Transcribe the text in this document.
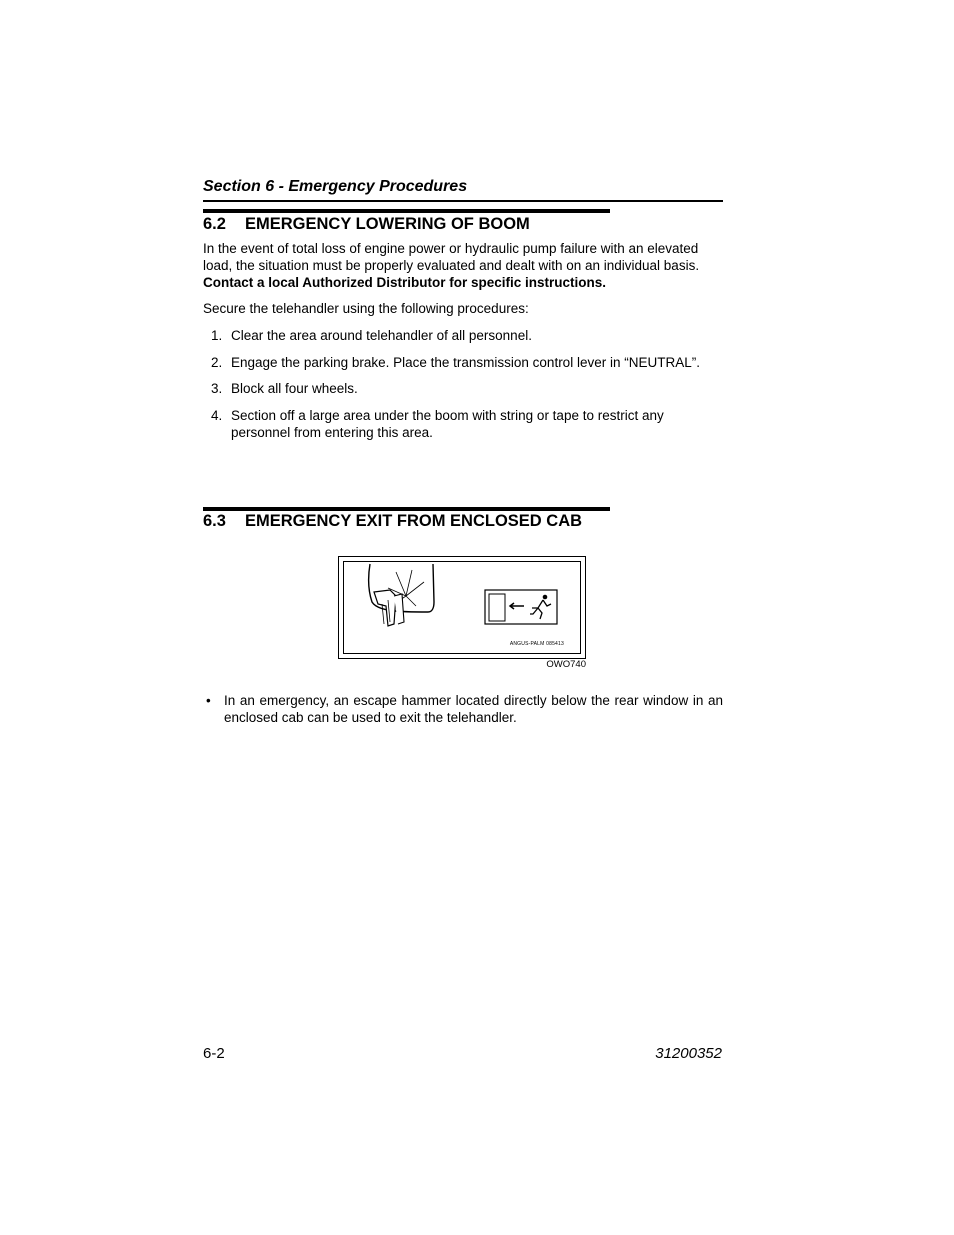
Section 6 - Emergency Procedures
6.2 EMERGENCY LOWERING OF BOOM
In the event of total loss of engine power or hydraulic pump failure with an elevated load, the situation must be properly evaluated and dealt with on an individual basis. Contact a local Authorized Distributor for specific instructions.
Secure the telehandler using the following procedures:
1. Clear the area around telehandler of all personnel.
2. Engage the parking brake. Place the transmission control lever in “NEUTRAL”.
3. Block all four wheels.
4. Section off a large area under the boom with string or tape to restrict any personnel from entering this area.
6.3 EMERGENCY EXIT FROM ENCLOSED CAB
ANGUS-PALM 085413
OWO740
• In an emergency, an escape hammer located directly below the rear window in an enclosed cab can be used to exit the telehandler.
6-2	31200352
